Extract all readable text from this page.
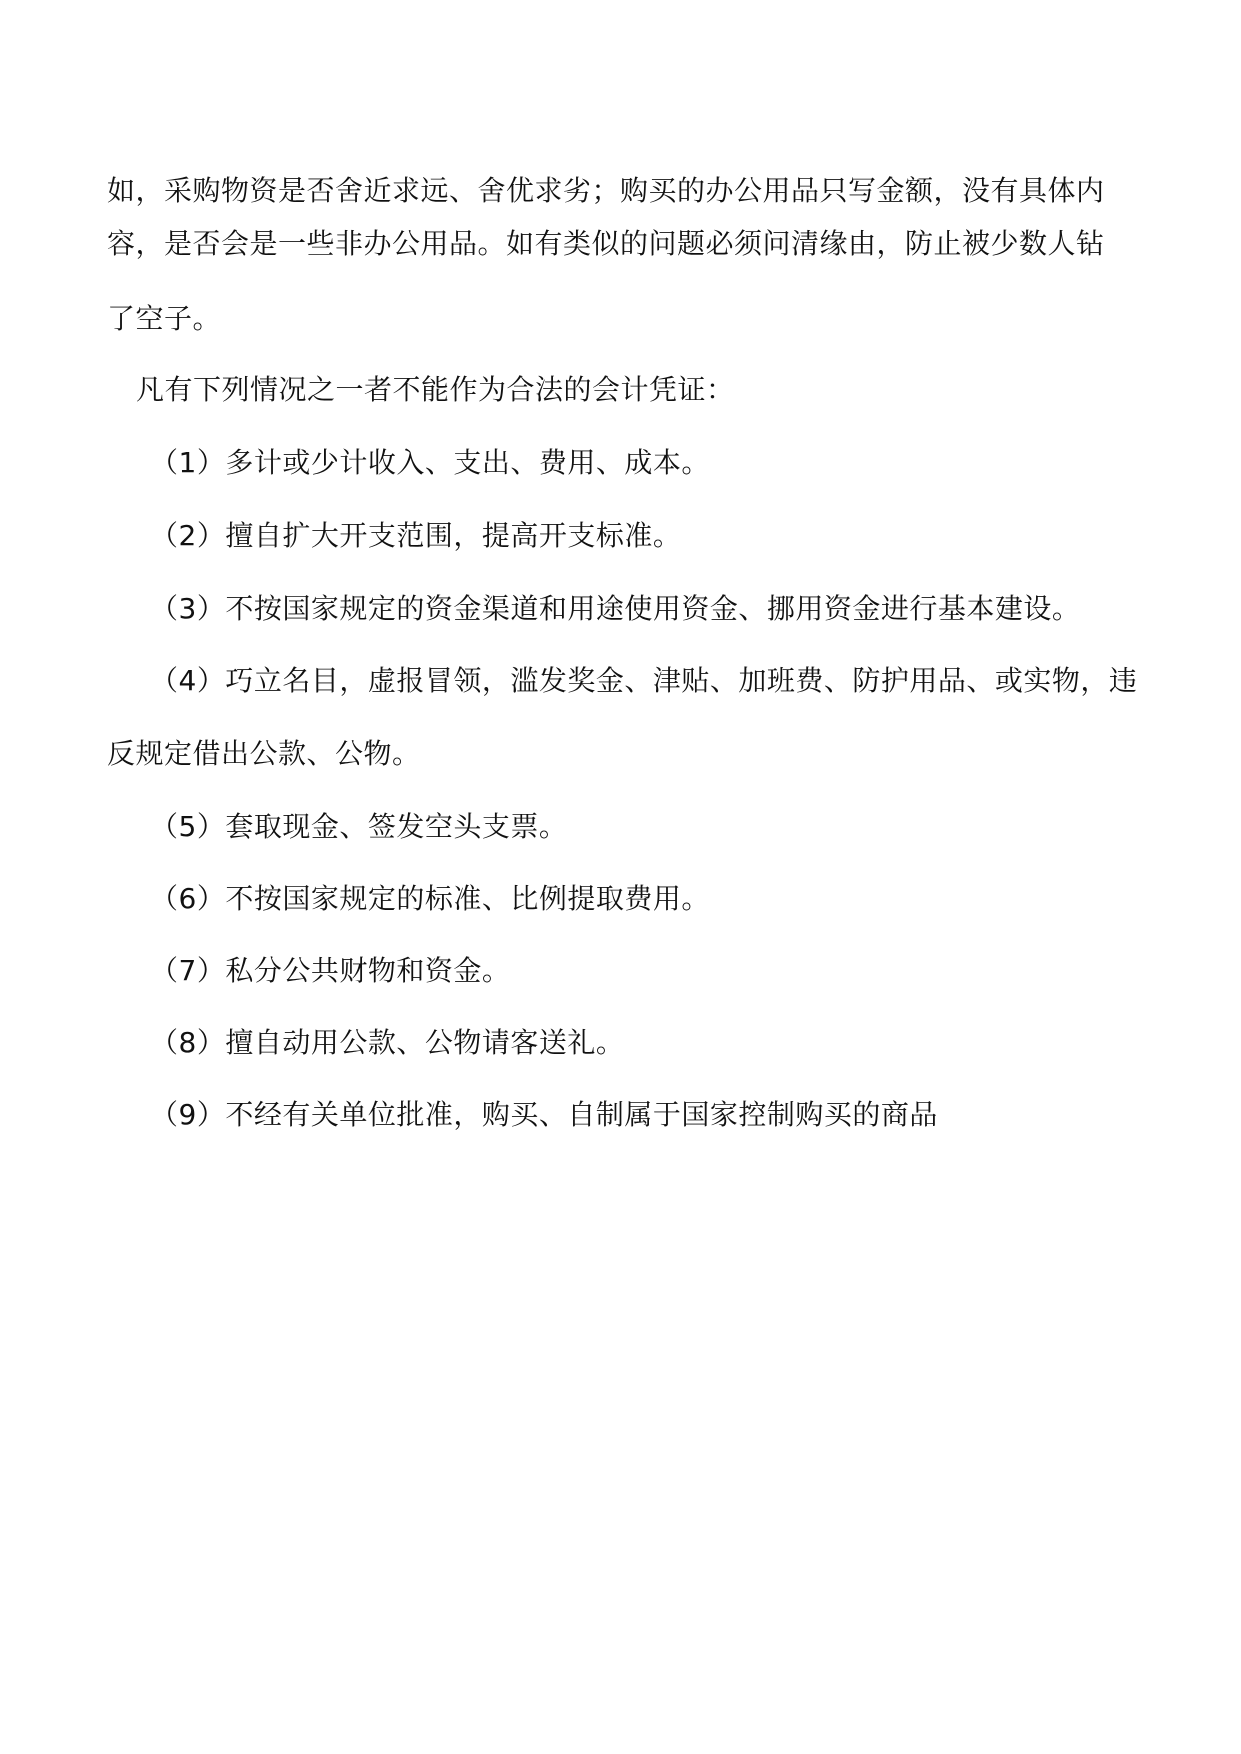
如，采购物资是否舍近求远、舍优求劣；购买的办公用品只写金额，没有具体内
容，是否会是一些非办公用品。如有类似的问题必须问清缘由，防止被少数人钻
了空子。
凡有下列情况之一者不能作为合法的会计凭证：
（1）多计或少计收入、支出、费用、成本。
（2）擅自扩大开支范围，提高开支标准。
（3）不按国家规定的资金渠道和用途使用资金、挪用资金进行基本建设。
（4）巧立名目，虚报冒领，滥发奖金、津贴、加班费、防护用品、或实物，违
反规定借出公款、公物。
（5）套取现金、签发空头支票。
（6）不按国家规定的标准、比例提取费用。
（7）私分公共财物和资金。
（8）擅自动用公款、公物请客送礼。
（9）不经有关单位批准，购买、自制属于国家控制购买的商品
